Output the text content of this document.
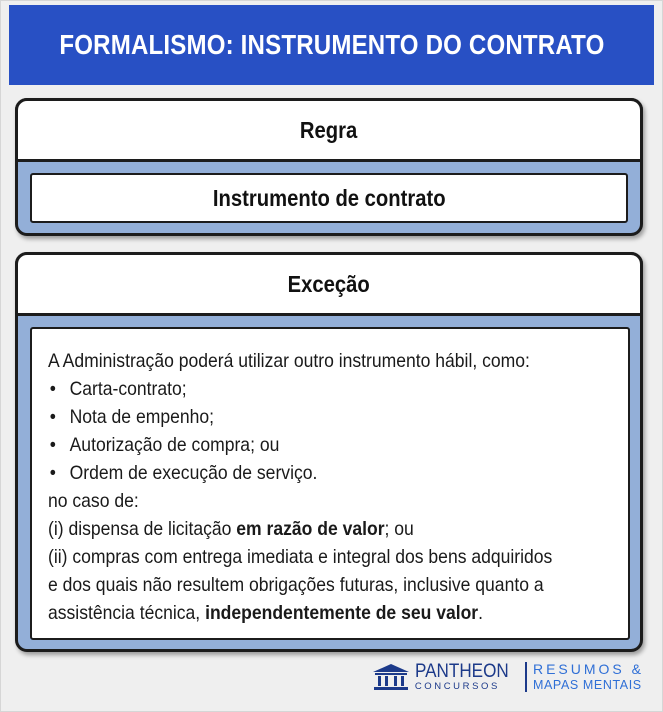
FORMALISMO: INSTRUMENTO DO CONTRATO
Regra
Instrumento de contrato
Exceção
A Administração poderá utilizar outro instrumento hábil, como:
• Carta-contrato;
• Nota de empenho;
• Autorização de compra; ou
• Ordem de execução de serviço.
no caso de:
(i) dispensa de licitação em razão de valor; ou
(ii) compras com entrega imediata e integral dos bens adquiridos
e dos quais não resultem obrigações futuras, inclusive quanto a
assistência técnica, independentemente de seu valor.
PANTHEON
CONCURSOS
RESUMOS &
MAPAS MENTAIS
